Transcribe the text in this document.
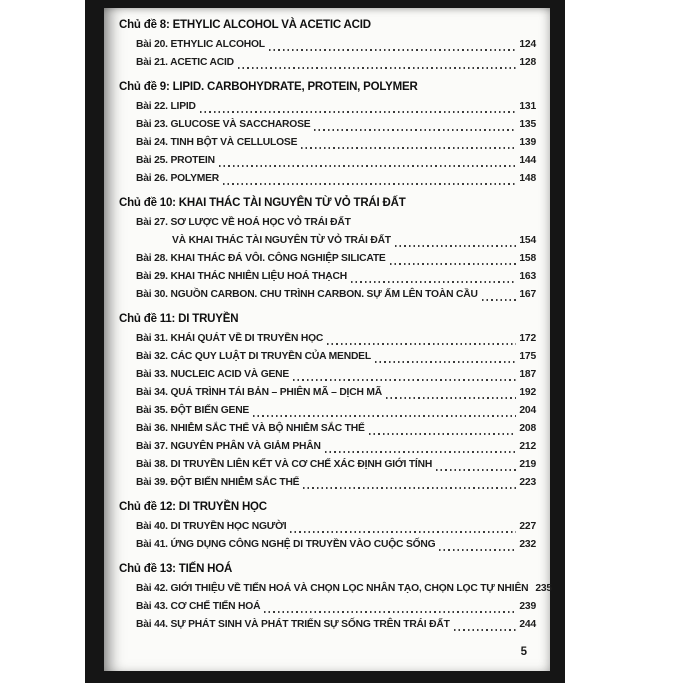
Chủ đề 8: ETHYLIC ALCOHOL VÀ ACETIC ACID
Bài 20. ETHYLIC ALCOHOL	124
Bài 21. ACETIC ACID	128
Chủ đề 9: LIPID. CARBOHYDRATE, PROTEIN, POLYMER
Bài 22. LIPID	131
Bài 23. GLUCOSE VÀ SACCHAROSE	135
Bài 24. TINH BỘT VÀ CELLULOSE	139
Bài 25. PROTEIN	144
Bài 26. POLYMER	148
Chủ đề 10: KHAI THÁC TÀI NGUYÊN TỪ VỎ TRÁI ĐẤT
Bài 27. SƠ LƯỢC VỀ HOÁ HỌC VỎ TRÁI ĐẤT
VÀ KHAI THÁC TÀI NGUYÊN TỪ VỎ TRÁI ĐẤT	154
Bài 28. KHAI THÁC ĐÁ VÔI. CÔNG NGHIỆP SILICATE	158
Bài 29. KHAI THÁC NHIÊN LIỆU HOÁ THẠCH	163
Bài 30. NGUỒN CARBON. CHU TRÌNH CARBON. SỰ ẤM LÊN TOÀN CẦU	167
Chủ đề 11: DI TRUYỀN
Bài 31. KHÁI QUÁT VỀ DI TRUYỀN HỌC	172
Bài 32. CÁC QUY LUẬT DI TRUYỀN CỦA MENDEL	175
Bài 33. NUCLEIC ACID VÀ GENE	187
Bài 34. QUÁ TRÌNH TÁI BẢN – PHIÊN MÃ – DỊCH MÃ	192
Bài 35. ĐỘT BIẾN GENE	204
Bài 36. NHIỄM SẮC THỂ VÀ BỘ NHIỄM SẮC THỂ	208
Bài 37. NGUYÊN PHÂN VÀ GIẢM PHÂN	212
Bài 38. DI TRUYỀN LIÊN KẾT VÀ CƠ CHẾ XÁC ĐỊNH GIỚI TÍNH	219
Bài 39. ĐỘT BIẾN NHIỄM SẮC THỂ	223
Chủ đề 12: DI TRUYỀN HỌC
Bài 40. DI TRUYỀN HỌC NGƯỜI	227
Bài 41. ỨNG DỤNG CÔNG NGHỆ DI TRUYỀN VÀO CUỘC SỐNG	232
Chủ đề 13: TIẾN HOÁ
Bài 42. GIỚI THIỆU VỀ TIẾN HOÁ VÀ CHỌN LỌC NHÂN TẠO, CHỌN LỌC TỰ NHIÊN 235
Bài 43. CƠ CHẾ TIẾN HOÁ	239
Bài 44. SỰ PHÁT SINH VÀ PHÁT TRIỂN SỰ SỐNG TRÊN TRÁI ĐẤT	244
5
